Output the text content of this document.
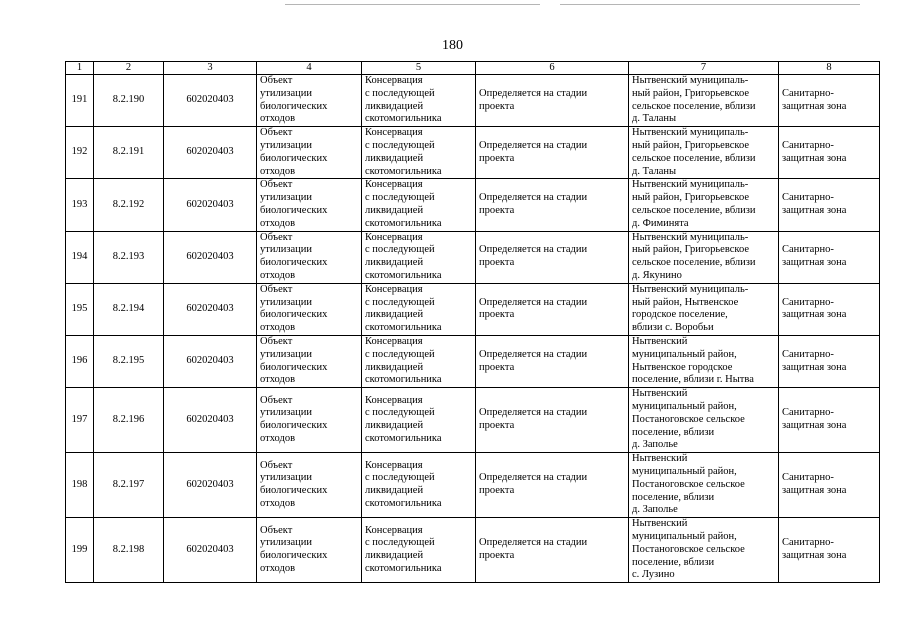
180
1	2	3	4	5	6	7	8
191	8.2.190	602020403	Объект
утилизации
биологических
отходов	Консервация
с последующей
ликвидацией
скотомогильника	Определяется на стадии
проекта	Нытвенский муниципаль-
ный район, Григорьевское
сельское поселение, вблизи
д. Таланы	Санитарно-
защитная зона

192	8.2.191	602020403	Объект
утилизации
биологических
отходов	Консервация
с последующей
ликвидацией
скотомогильника	Определяется на стадии
проекта	Нытвенский муниципаль-
ный район, Григорьевское
сельское поселение, вблизи
д. Таланы	Санитарно-
защитная зона

193	8.2.192	602020403	Объект
утилизации
биологических
отходов	Консервация
с последующей
ликвидацией
скотомогильника	Определяется на стадии
проекта	Нытвенский муниципаль-
ный район, Григорьевское
сельское поселение, вблизи
д. Фиминята	Санитарно-
защитная зона

194	8.2.193	602020403	Объект
утилизации
биологических
отходов	Консервация
с последующей
ликвидацией
скотомогильника	Определяется на стадии
проекта	Нытвенский муниципаль-
ный район, Григорьевское
сельское поселение, вблизи
д. Якунино	Санитарно-
защитная зона

195	8.2.194	602020403	Объект
утилизации
биологических
отходов	Консервация
с последующей
ликвидацией
скотомогильника	Определяется на стадии
проекта	Нытвенский муниципаль-
ный район, Нытвенское
городское поселение,
вблизи с. Воробьи	Санитарно-
защитная зона

196	8.2.195	602020403	Объект
утилизации
биологических
отходов	Консервация
с последующей
ликвидацией
скотомогильника	Определяется на стадии
проекта	Нытвенский
муниципальный район,
Нытвенское городское
поселение, вблизи г. Нытва	Санитарно-
защитная зона

197	8.2.196	602020403	Объект
утилизации
биологических
отходов	Консервация
с последующей
ликвидацией
скотомогильника	Определяется на стадии
проекта	Нытвенский
муниципальный район,
Постаноговское сельское
поселение, вблизи
д. Заполье	Санитарно-
защитная зона

198	8.2.197	602020403	Объект
утилизации
биологических
отходов	Консервация
с последующей
ликвидацией
скотомогильника	Определяется на стадии
проекта	Нытвенский
муниципальный район,
Постаноговское сельское
поселение, вблизи
д. Заполье	Санитарно-
защитная зона

199	8.2.198	602020403	Объект
утилизации
биологических
отходов	Консервация
с последующей
ликвидацией
скотомогильника	Определяется на стадии
проекта	Нытвенский
муниципальный район,
Постаноговское сельское
поселение, вблизи
с. Лузино	Санитарно-
защитная зона
